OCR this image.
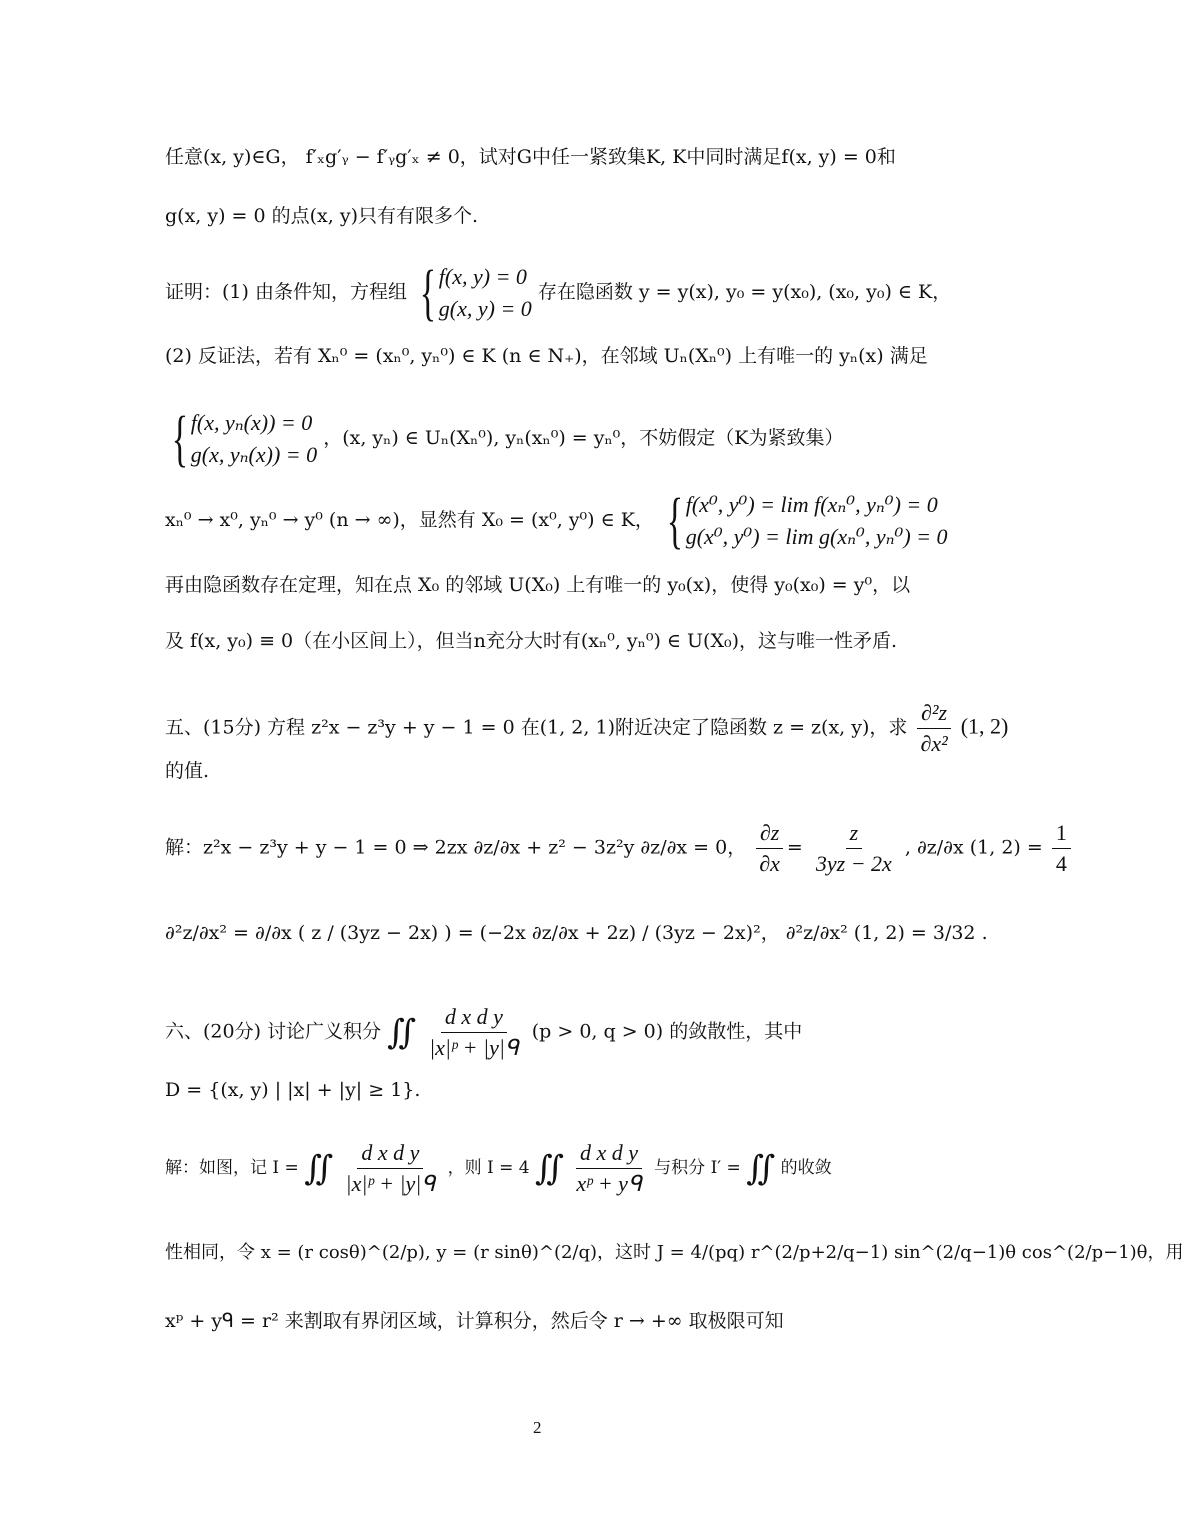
任意(x, y)∈G， f′ₓg′ᵧ − f′ᵧg′ₓ ≠ 0，试对G中任一紧致集K, K中同时满足f(x, y) = 0和
g(x, y) = 0 的点(x, y)只有有限多个.
证明：(1) 由条件知，方程组 { f(x, y) = 0
g(x, y) = 0
存在隐函数 y = y(x), y₀ = y(x₀), (x₀, y₀) ∈ K，
(2) 反证法，若有 Xₙ⁰ = (xₙ⁰, yₙ⁰) ∈ K (n ∈ N₊)，在邻域 Uₙ(Xₙ⁰) 上有唯一的 yₙ(x) 满足
{ f(x, yₙ(x)) = 0
g(x, yₙ(x)) = 0
，(x, yₙ) ∈ Uₙ(Xₙ⁰), yₙ(xₙ⁰) = yₙ⁰，不妨假定（K为紧致集）
xₙ⁰ → x⁰, yₙ⁰ → y⁰ (n → ∞)，显然有 X₀ = (x⁰, y⁰) ∈ K， { f(x⁰, y⁰) = lim f(xₙ⁰, yₙ⁰) = 0
g(x⁰, y⁰) = lim g(xₙ⁰, yₙ⁰) = 0
再由隐函数存在定理，知在点 X₀ 的邻域 U(X₀) 上有唯一的 y₀(x)，使得 y₀(x₀) = y⁰，以
及 f(x, y₀) ≡ 0（在小区间上），但当n充分大时有(xₙ⁰, yₙ⁰) ∈ U(X₀)，这与唯一性矛盾.
五、(15分) 方程 z²x − z³y + y − 1 = 0 在(1, 2, 1)附近决定了隐函数 z = z(x, y)，求 $\frac{\text{∂²z}}{\text{∂x²}} (1$, 2)
的值.
解：z²x − z³y + y − 1 = 0 ⇒ 2zx ∂z/∂x + z² − 3z²y ∂z/∂x = 0， $\frac{\partial z}{\partial x} = \frac{z}{3yz - 2x}$ , ∂z/∂x (1, $2) = \frac{1}{4}$
∂²z/∂x² = ∂/∂x ( z / (3yz − 2x) ) = (−2x ∂z/∂x + 2z) / (3yz − 2x)²， ∂²z/∂x² (1, 2) = 3/32 .
六、(20分) 讨论广义积分 ∬ $\frac{\text{d x d y}}{\text{|x|ᵖ + |y|ᑫ}} (p > 0$, q > 0) 的敛散性，其中
D = {(x, y) | |x| + |y| ≥ 1}.
解：如图，记 I = ∬ $\frac{\text{d x d y}}{\text{|x|ᵖ + |y|ᑫ}}$ ，则 I = 4 ∬ $\frac{\text{d x d y}}{\text{xᵖ + yᑫ}}$ 与积分 I′ = ∬ 的收敛
性相同，令 x = (r cosθ)^(2/p), y = (r sinθ)^(2/q)，这时 J = 4/(pq) r^(2/p+2/q−1) sin^(2/q−1)θ cos^(2/p−1)θ，用
xᵖ + yᑫ = r² 来割取有界闭区域，计算积分，然后令 r → +∞ 取极限可知
2
